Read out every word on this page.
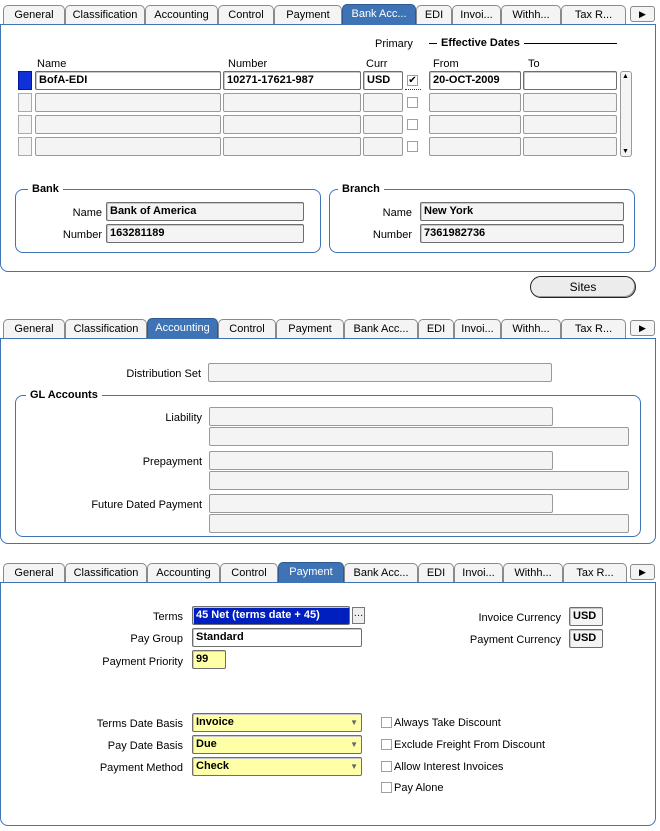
General	Classification	Accounting	Control	Payment	Bank Acc...	EDI	Invoi...	Withh...	Tax R...	▶
Primary	Effective Dates
Name	Number	Curr	From	To
BofA-EDI	10271-17621-987	USD	✔	20-OCT-2009	▲
▼
Bank
Name Bank of America
Number 163281189
Branch
Name	New York
Number	7361982736
Sites
General	Classification	Accounting	Control	Payment	Bank Acc...	EDI	Invoi...	Withh...	Tax R...	▶
Distribution Set
GL Accounts
Liability
Prepayment
Future Dated Payment
General	Classification	Accounting	Control	Payment	Bank Acc...	EDI	Invoi...	Withh...	Tax R...	▶
Terms	45 Net (terms date + 45)	…
Pay Group	Standard
Payment Priority	99
Invoice Currency	USD
Payment Currency	USD
Terms Date Basis	Invoice	▼
Pay Date Basis	Due	▼
Payment Method	Check	▼
Always Take Discount
Exclude Freight From Discount
Allow Interest Invoices
Pay Alone
